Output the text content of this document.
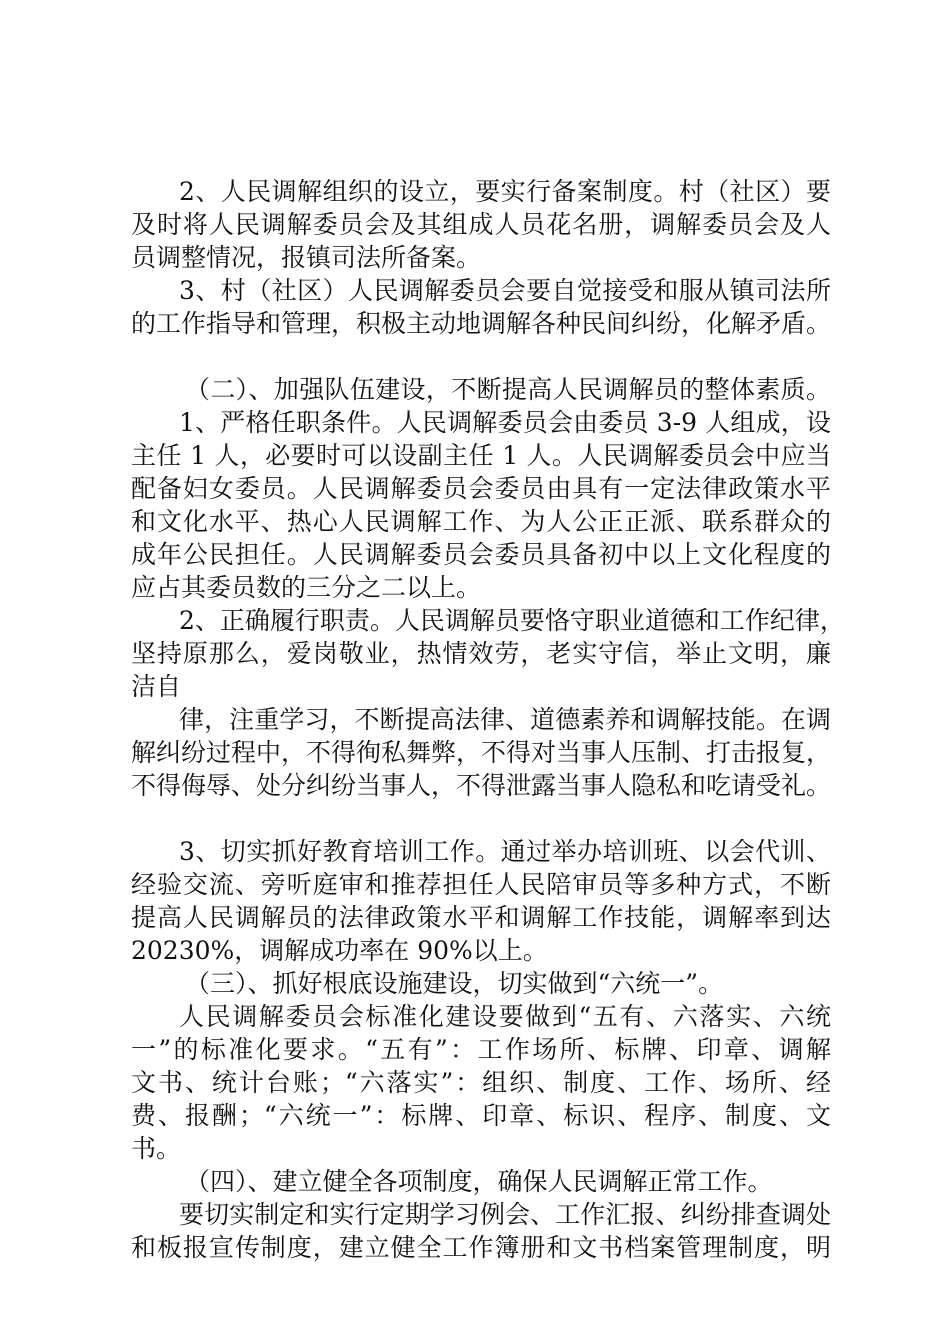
2、人民调解组织的设立，要实行备案制度。村（社区）要
及时将人民调解委员会及其组成人员花名册，调解委员会及人
员调整情况，报镇司法所备案。
3、村（社区）人民调解委员会要自觉接受和服从镇司法所
的工作指导和管理，积极主动地调解各种民间纠纷，化解矛盾。
（二）、加强队伍建设，不断提高人民调解员的整体素质。
1、严格任职条件。人民调解委员会由委员 3-9 人组成，设
主任 1 人，必要时可以设副主任 1 人。人民调解委员会中应当
配备妇女委员。人民调解委员会委员由具有一定法律政策水平
和文化水平、热心人民调解工作、为人公正正派、联系群众的
成年公民担任。人民调解委员会委员具备初中以上文化程度的
应占其委员数的三分之二以上。
2、正确履行职责。人民调解员要恪守职业道德和工作纪律，
坚持原那么，爱岗敬业，热情效劳，老实守信，举止文明，廉
洁自
律，注重学习，不断提高法律、道德素养和调解技能。在调
解纠纷过程中，不得徇私舞弊，不得对当事人压制、打击报复，
不得侮辱、处分纠纷当事人，不得泄露当事人隐私和吃请受礼。
3、切实抓好教育培训工作。通过举办培训班、以会代训、
经验交流、旁听庭审和推荐担任人民陪审员等多种方式，不断
提高人民调解员的法律政策水平和调解工作技能，调解率到达
20230%，调解成功率在 90%以上。
（三）、抓好根底设施建设，切实做到“六统一”。
人民调解委员会标准化建设要做到“五有、六落实、六统
一”的标准化要求。“五有”：工作场所、标牌、印章、调解
文书、统计台账；“六落实”：组织、制度、工作、场所、经
费、报酬；“六统一”：标牌、印章、标识、程序、制度、文
书。
（四）、建立健全各项制度，确保人民调解正常工作。
要切实制定和实行定期学习例会、工作汇报、纠纷排查调处
和板报宣传制度，建立健全工作簿册和文书档案管理制度，明
